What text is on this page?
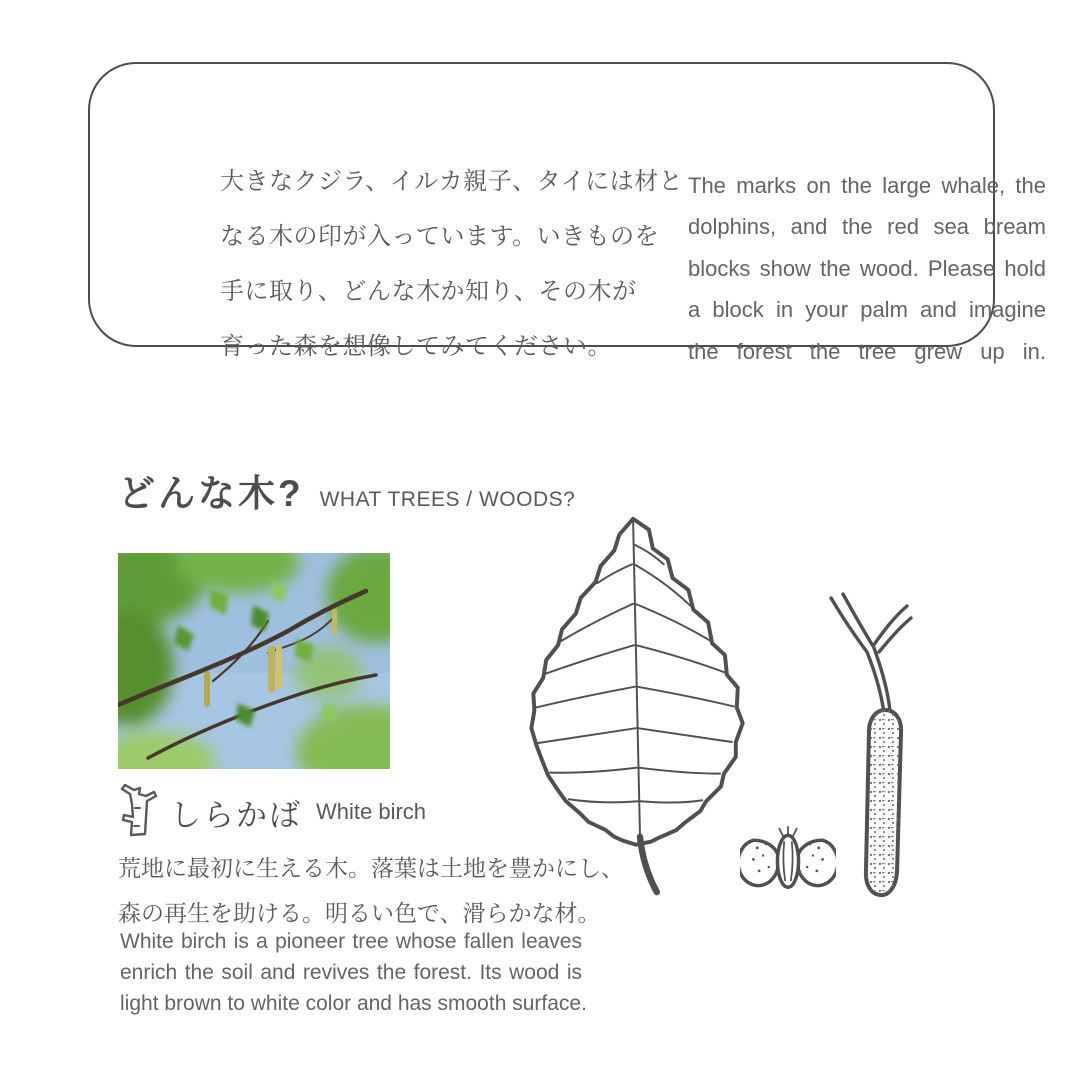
大きなクジラ、イルカ親子、タイには材と
なる木の印が入っています。いきものを
手に取り、どんな木か知り、その木が
育った森を想像してみてください。
The marks on the large whale, the
dolphins, and the red sea bream
blocks show the wood. Please hold
a block in your palm and imagine
the forest the tree grew up in.
どんな木? WHAT TREES / WOODS?
しらかば White birch
荒地に最初に生える木。落葉は土地を豊かにし、
森の再生を助ける。明るい色で、滑らかな材。
White birch is a pioneer tree whose fallen leaves
enrich the soil and revives the forest. Its wood is
light brown to white color and has smooth surface.
